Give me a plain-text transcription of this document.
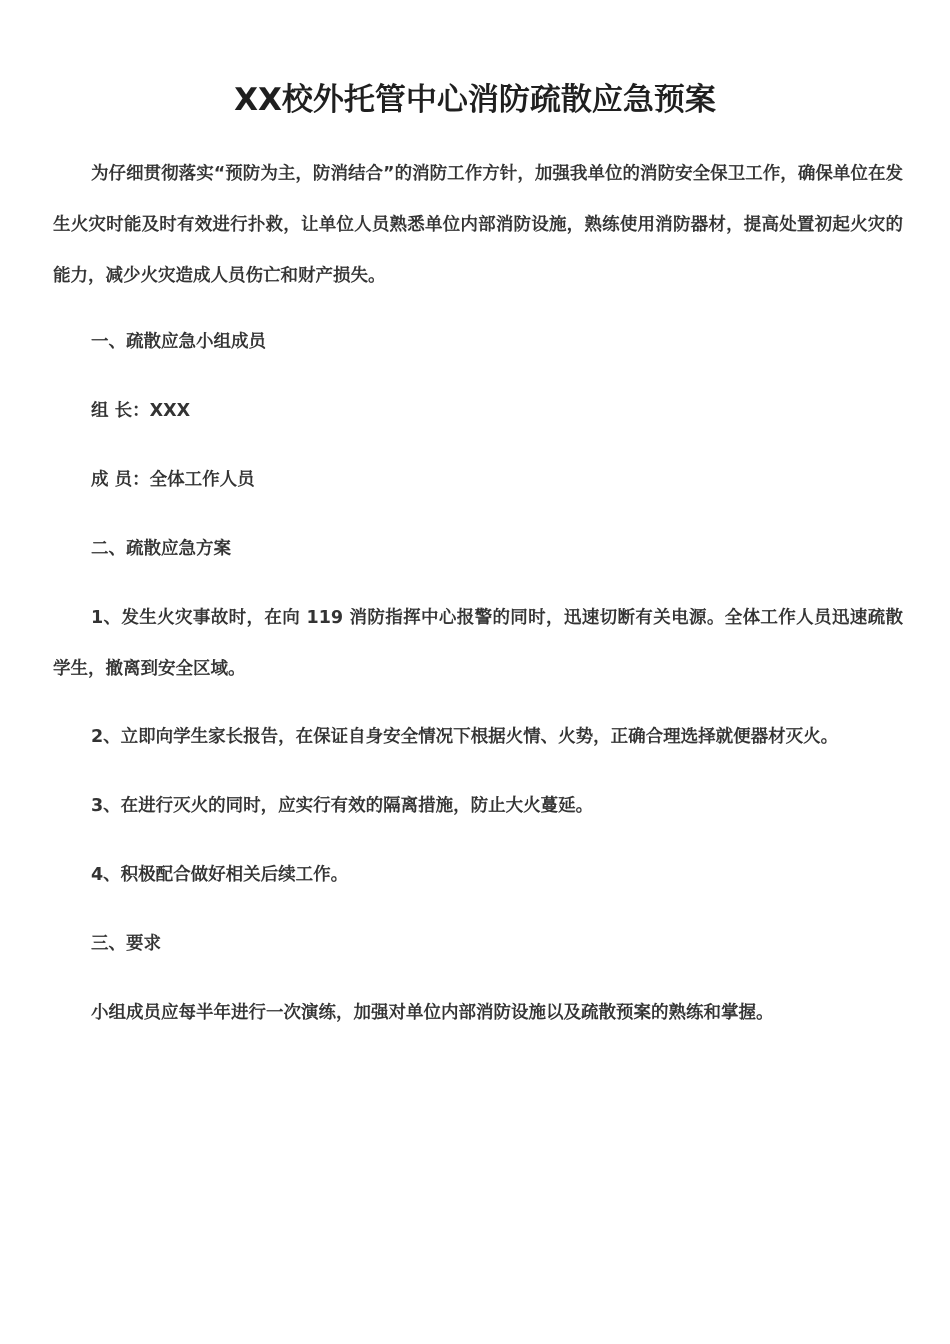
XX校外托管中心消防疏散应急预案

为仔细贯彻落实“预防为主，防消结合”的消防工作方针，加强我单位的消防安全保卫工作，确保单位在发生火灾时能及时有效进行扑救，让单位人员熟悉单位内部消防设施，熟练使用消防器材，提高处置初起火灾的能力，减少火灾造成人员伤亡和财产损失。

一、疏散应急小组成员

组 长：XXX

成 员：全体工作人员

二、疏散应急方案

1、发生火灾事故时，在向 119 消防指挥中心报警的同时，迅速切断有关电源。全体工作人员迅速疏散学生，撤离到安全区域。

2、立即向学生家长报告，在保证自身安全情况下根据火情、火势，正确合理选择就便器材灭火。

3、在进行灭火的同时，应实行有效的隔离措施，防止大火蔓延。

4、积极配合做好相关后续工作。

三、要求

小组成员应每半年进行一次演练，加强对单位内部消防设施以及疏散预案的熟练和掌握。
